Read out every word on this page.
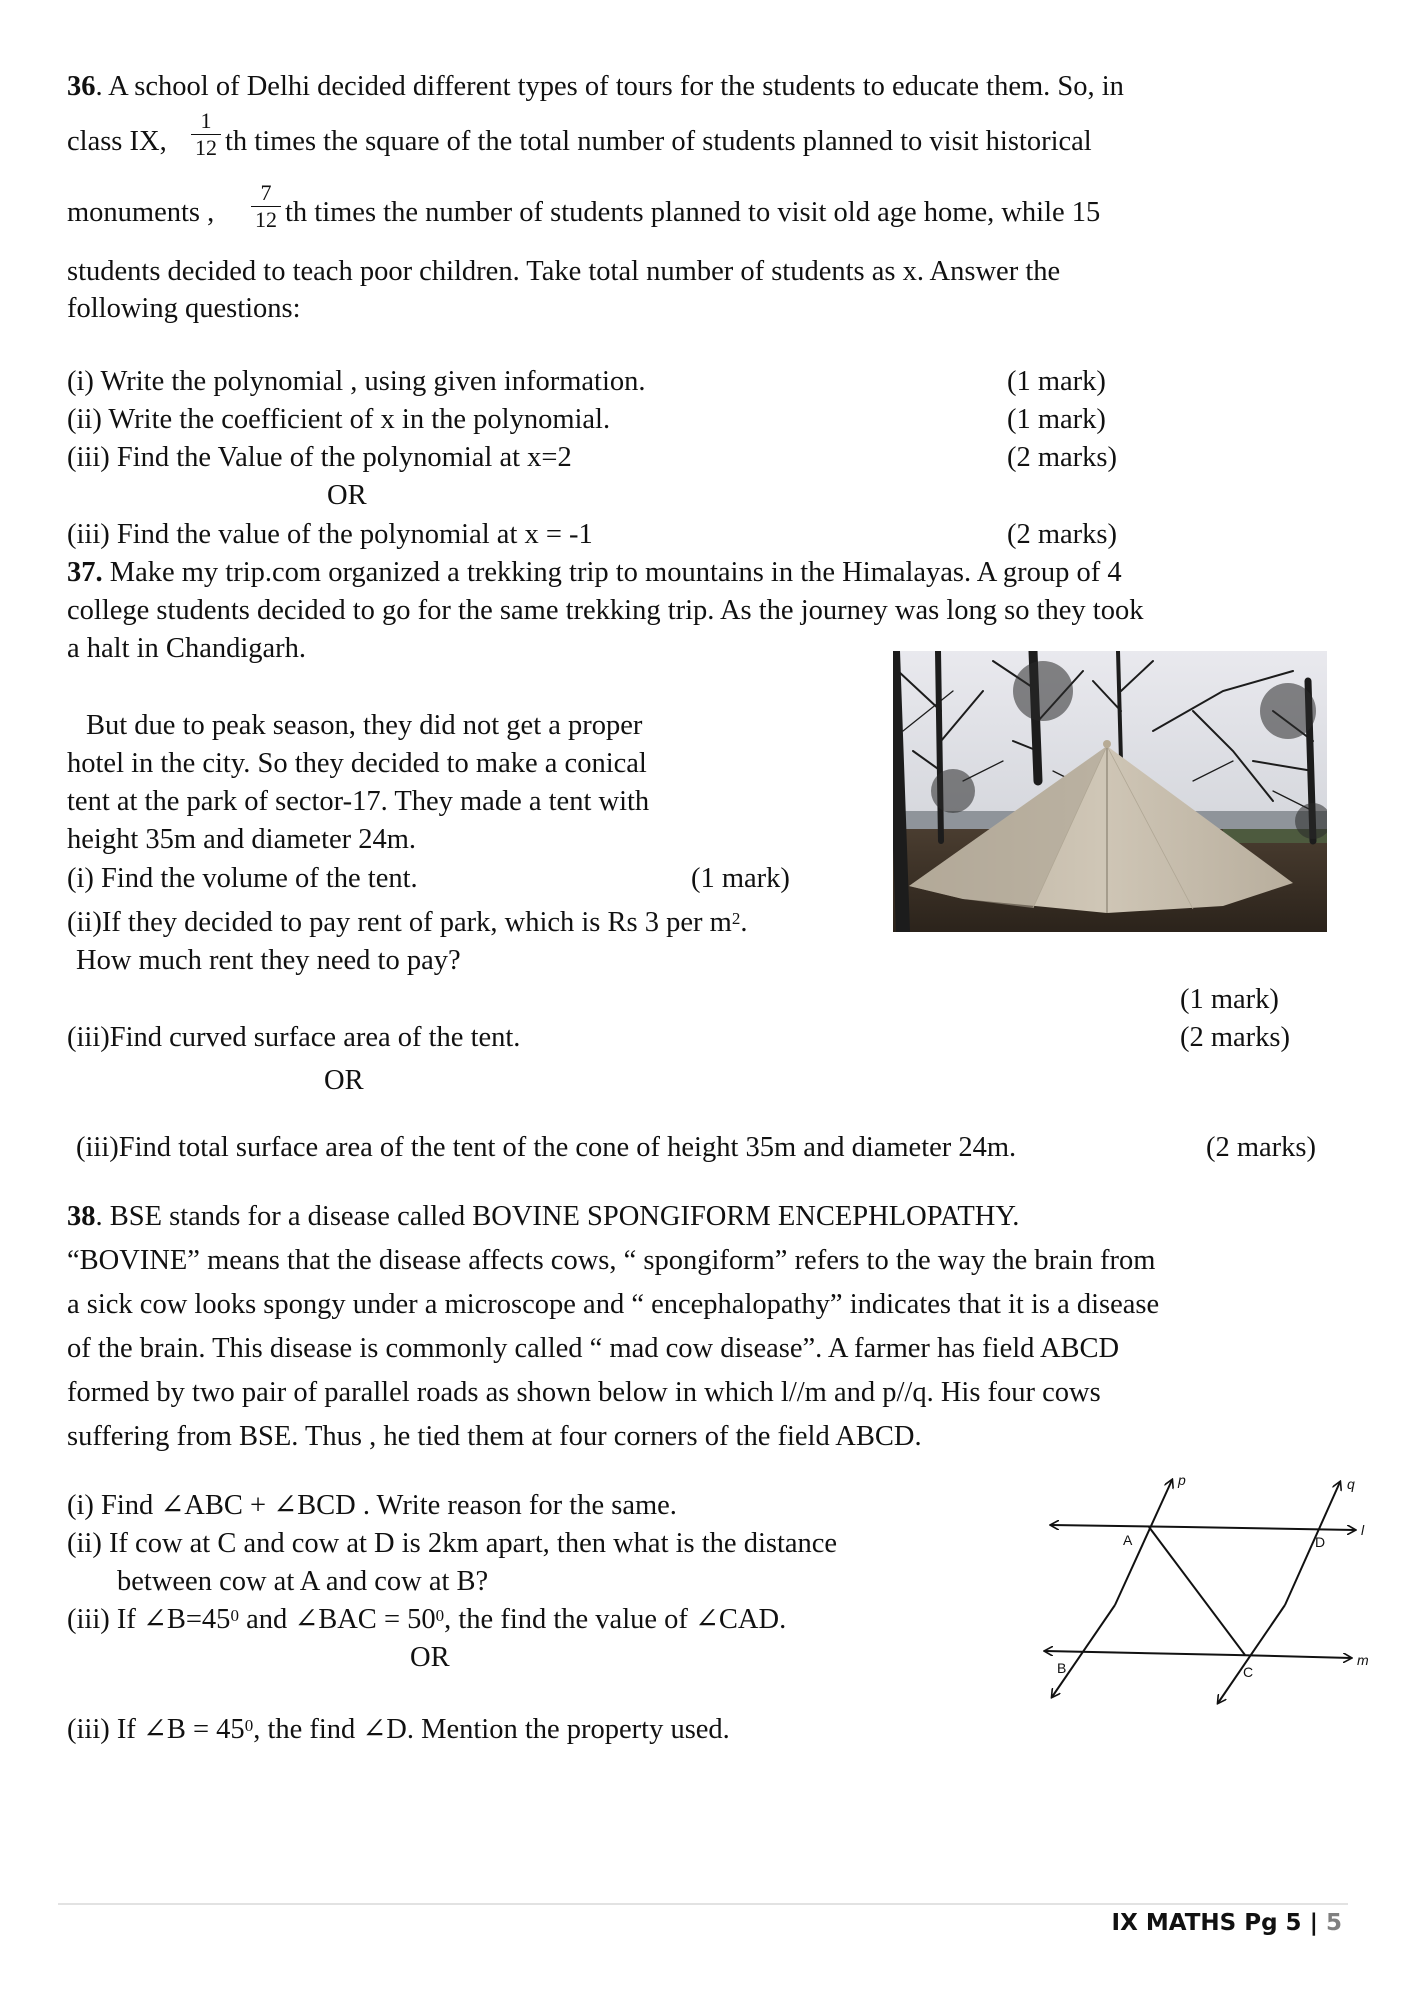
36. A school of Delhi decided different types of tours for the students to educate them. So, in
class IX, $\frac{1}{12}$ th times the square of the total number of students planned to visit historical
monuments , $\frac{7}{12}$ th times the number of students planned to visit old age home, while 15
students decided to teach poor children. Take total number of students as x. Answer the
following questions:
(i) Write the polynomial , using given information.	(1 mark)
(ii) Write the coefficient of x in the polynomial.	(1 mark)
(iii) Find the Value of the polynomial at x=2	(2 marks)
OR
(iii) Find the value of the polynomial at x = -1	(2 marks)
37. Make my trip.com organized a trekking trip to mountains in the Himalayas. A group of 4
college students decided to go for the same trekking trip. As the journey was long so they took
a halt in Chandigarh.
But due to peak season, they did not get a proper
hotel in the city. So they decided to make a conical
tent at the park of sector-17. They made a tent with
height 35m and diameter 24m.
(i) Find the volume of the tent.	(1 mark)
(ii)If they decided to pay rent of park, which is Rs 3 per $m^2$.
How much rent they need to pay?
(1 mark)
(iii)Find curved surface area of the tent.	(2 marks)
OR
(iii)Find total surface area of the tent of the cone of height 35m and diameter 24m.	(2 marks)
38. BSE stands for a disease called BOVINE SPONGIFORM ENCEPHLOPATHY.
“BOVINE” means that the disease affects cows, “ spongiform” refers to the way the brain from
a sick cow looks spongy under a microscope and “ encephalopathy” indicates that it is a disease
of the brain. This disease is commonly called “ mad cow disease”. A farmer has field ABCD
formed by two pair of parallel roads as shown below in which l//m and p//q. His four cows
suffering from BSE. Thus , he tied them at four corners of the field ABCD.
(i) Find ∠ABC + ∠BCD . Write reason for the same.
(ii) If cow at C and cow at D is 2km apart, then what is the distance
between cow at A and cow at B?
(iii) If $\angle B=45^0$ and ∠BAC = $50^0$, the find the value of ∠CAD.
OR
(iii) If ∠B = $45^0$, the find ∠D. Mention the property used.
A
B	C
D
p	q
l
m
IX MATHS Pg 5 | 5
